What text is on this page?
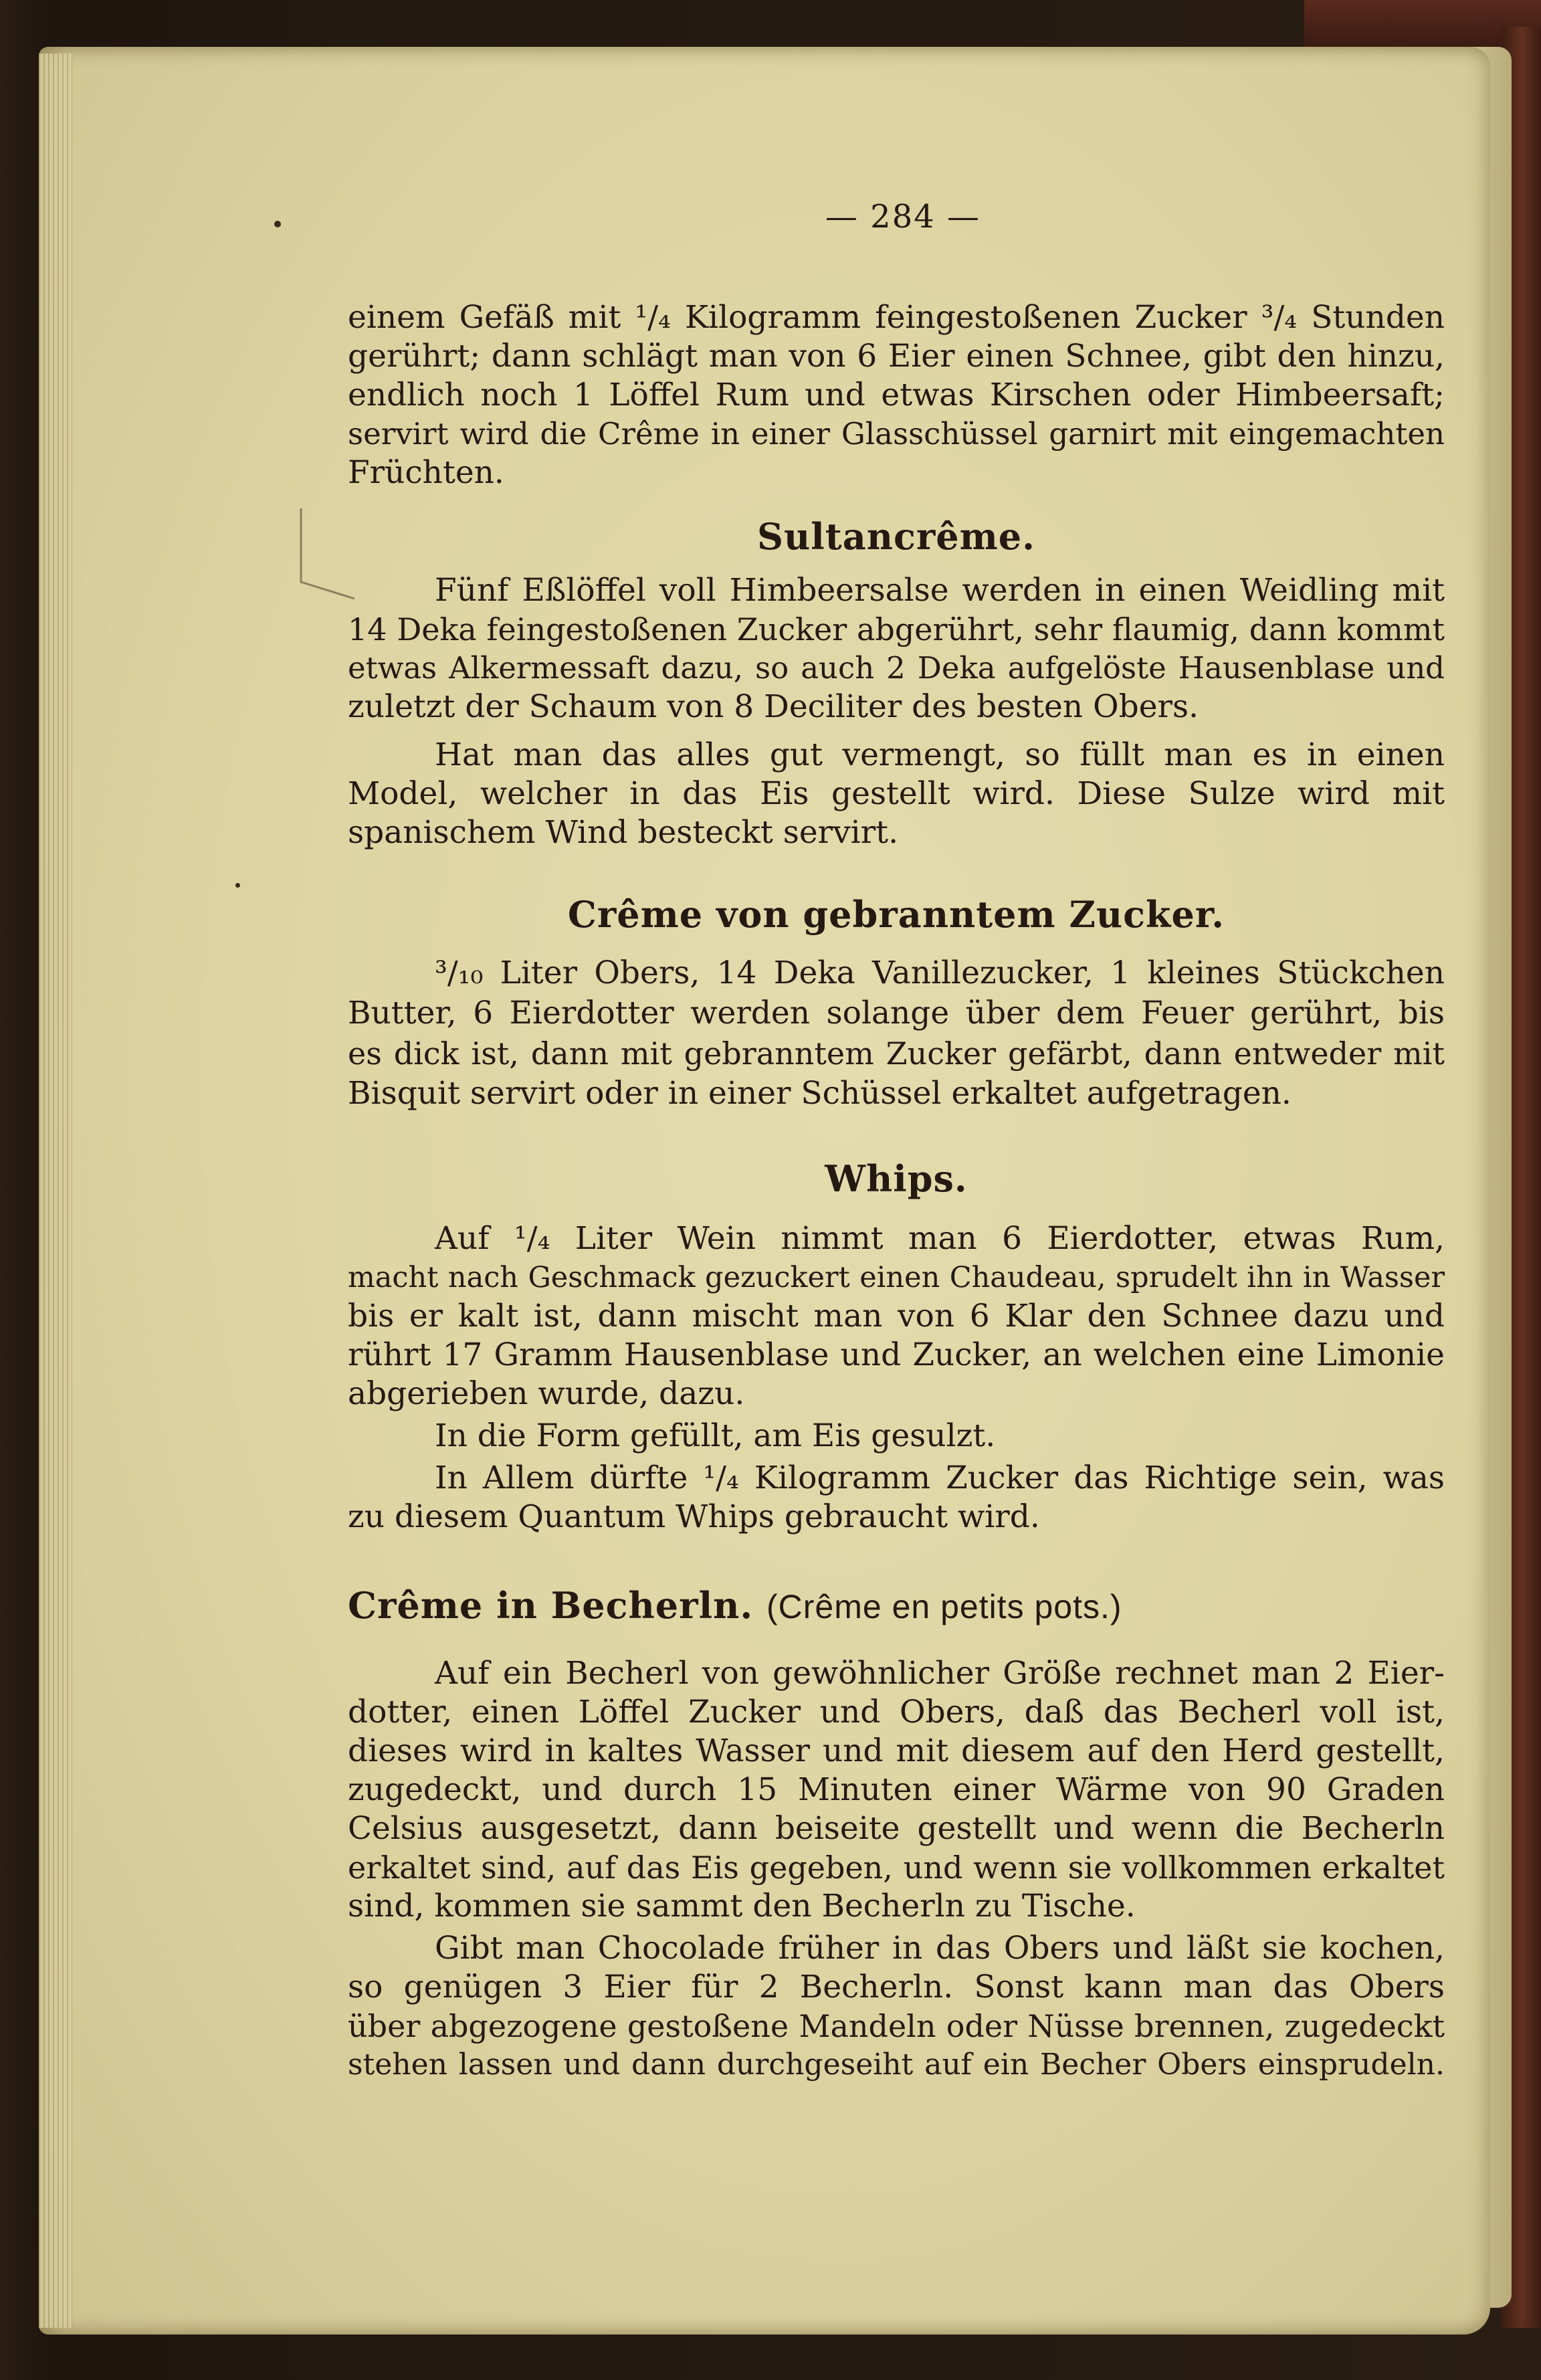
— 284 —
einem Gefäß mit ¹/₄ Kilogramm feingestoßenen Zucker ³/₄ Stunden
gerührt; dann schlägt man von 6 Eier einen Schnee, gibt den hinzu,
endlich noch 1 Löffel Rum und etwas Kirschen oder Himbeersaft;
servirt wird die Crême in einer Glasschüssel garnirt mit eingemachten
Früchten.
Sultancrême.
Fünf Eßlöffel voll Himbeersalse werden in einen Weidling mit
14 Deka feingestoßenen Zucker abgerührt, sehr flaumig, dann kommt
etwas Alkermessaft dazu, so auch 2 Deka aufgelöste Hausenblase und
zuletzt der Schaum von 8 Deciliter des besten Obers.
Hat man das alles gut vermengt, so füllt man es in einen
Model, welcher in das Eis gestellt wird. Diese Sulze wird mit
spanischem Wind besteckt servirt.
Crême von gebranntem Zucker.
³/₁₀ Liter Obers, 14 Deka Vanillezucker, 1 kleines Stückchen
Butter, 6 Eierdotter werden solange über dem Feuer gerührt, bis
es dick ist, dann mit gebranntem Zucker gefärbt, dann entweder mit
Bisquit servirt oder in einer Schüssel erkaltet aufgetragen.
Whips.
Auf ¹/₄ Liter Wein nimmt man 6 Eierdotter, etwas Rum,
macht nach Geschmack gezuckert einen Chaudeau, sprudelt ihn in Wasser
bis er kalt ist, dann mischt man von 6 Klar den Schnee dazu und
rührt 17 Gramm Hausenblase und Zucker, an welchen eine Limonie
abgerieben wurde, dazu.
In die Form gefüllt, am Eis gesulzt.
In Allem dürfte ¹/₄ Kilogramm Zucker das Richtige sein, was
zu diesem Quantum Whips gebraucht wird.
Crême in Becherln. (Crême en petits pots.)
Auf ein Becherl von gewöhnlicher Größe rechnet man 2 Eier-
dotter, einen Löffel Zucker und Obers, daß das Becherl voll ist,
dieses wird in kaltes Wasser und mit diesem auf den Herd gestellt,
zugedeckt, und durch 15 Minuten einer Wärme von 90 Graden
Celsius ausgesetzt, dann beiseite gestellt und wenn die Becherln
erkaltet sind, auf das Eis gegeben, und wenn sie vollkommen erkaltet
sind, kommen sie sammt den Becherln zu Tische.
Gibt man Chocolade früher in das Obers und läßt sie kochen,
so genügen 3 Eier für 2 Becherln. Sonst kann man das Obers
über abgezogene gestoßene Mandeln oder Nüsse brennen, zugedeckt
stehen lassen und dann durchgeseiht auf ein Becher Obers einsprudeln.
